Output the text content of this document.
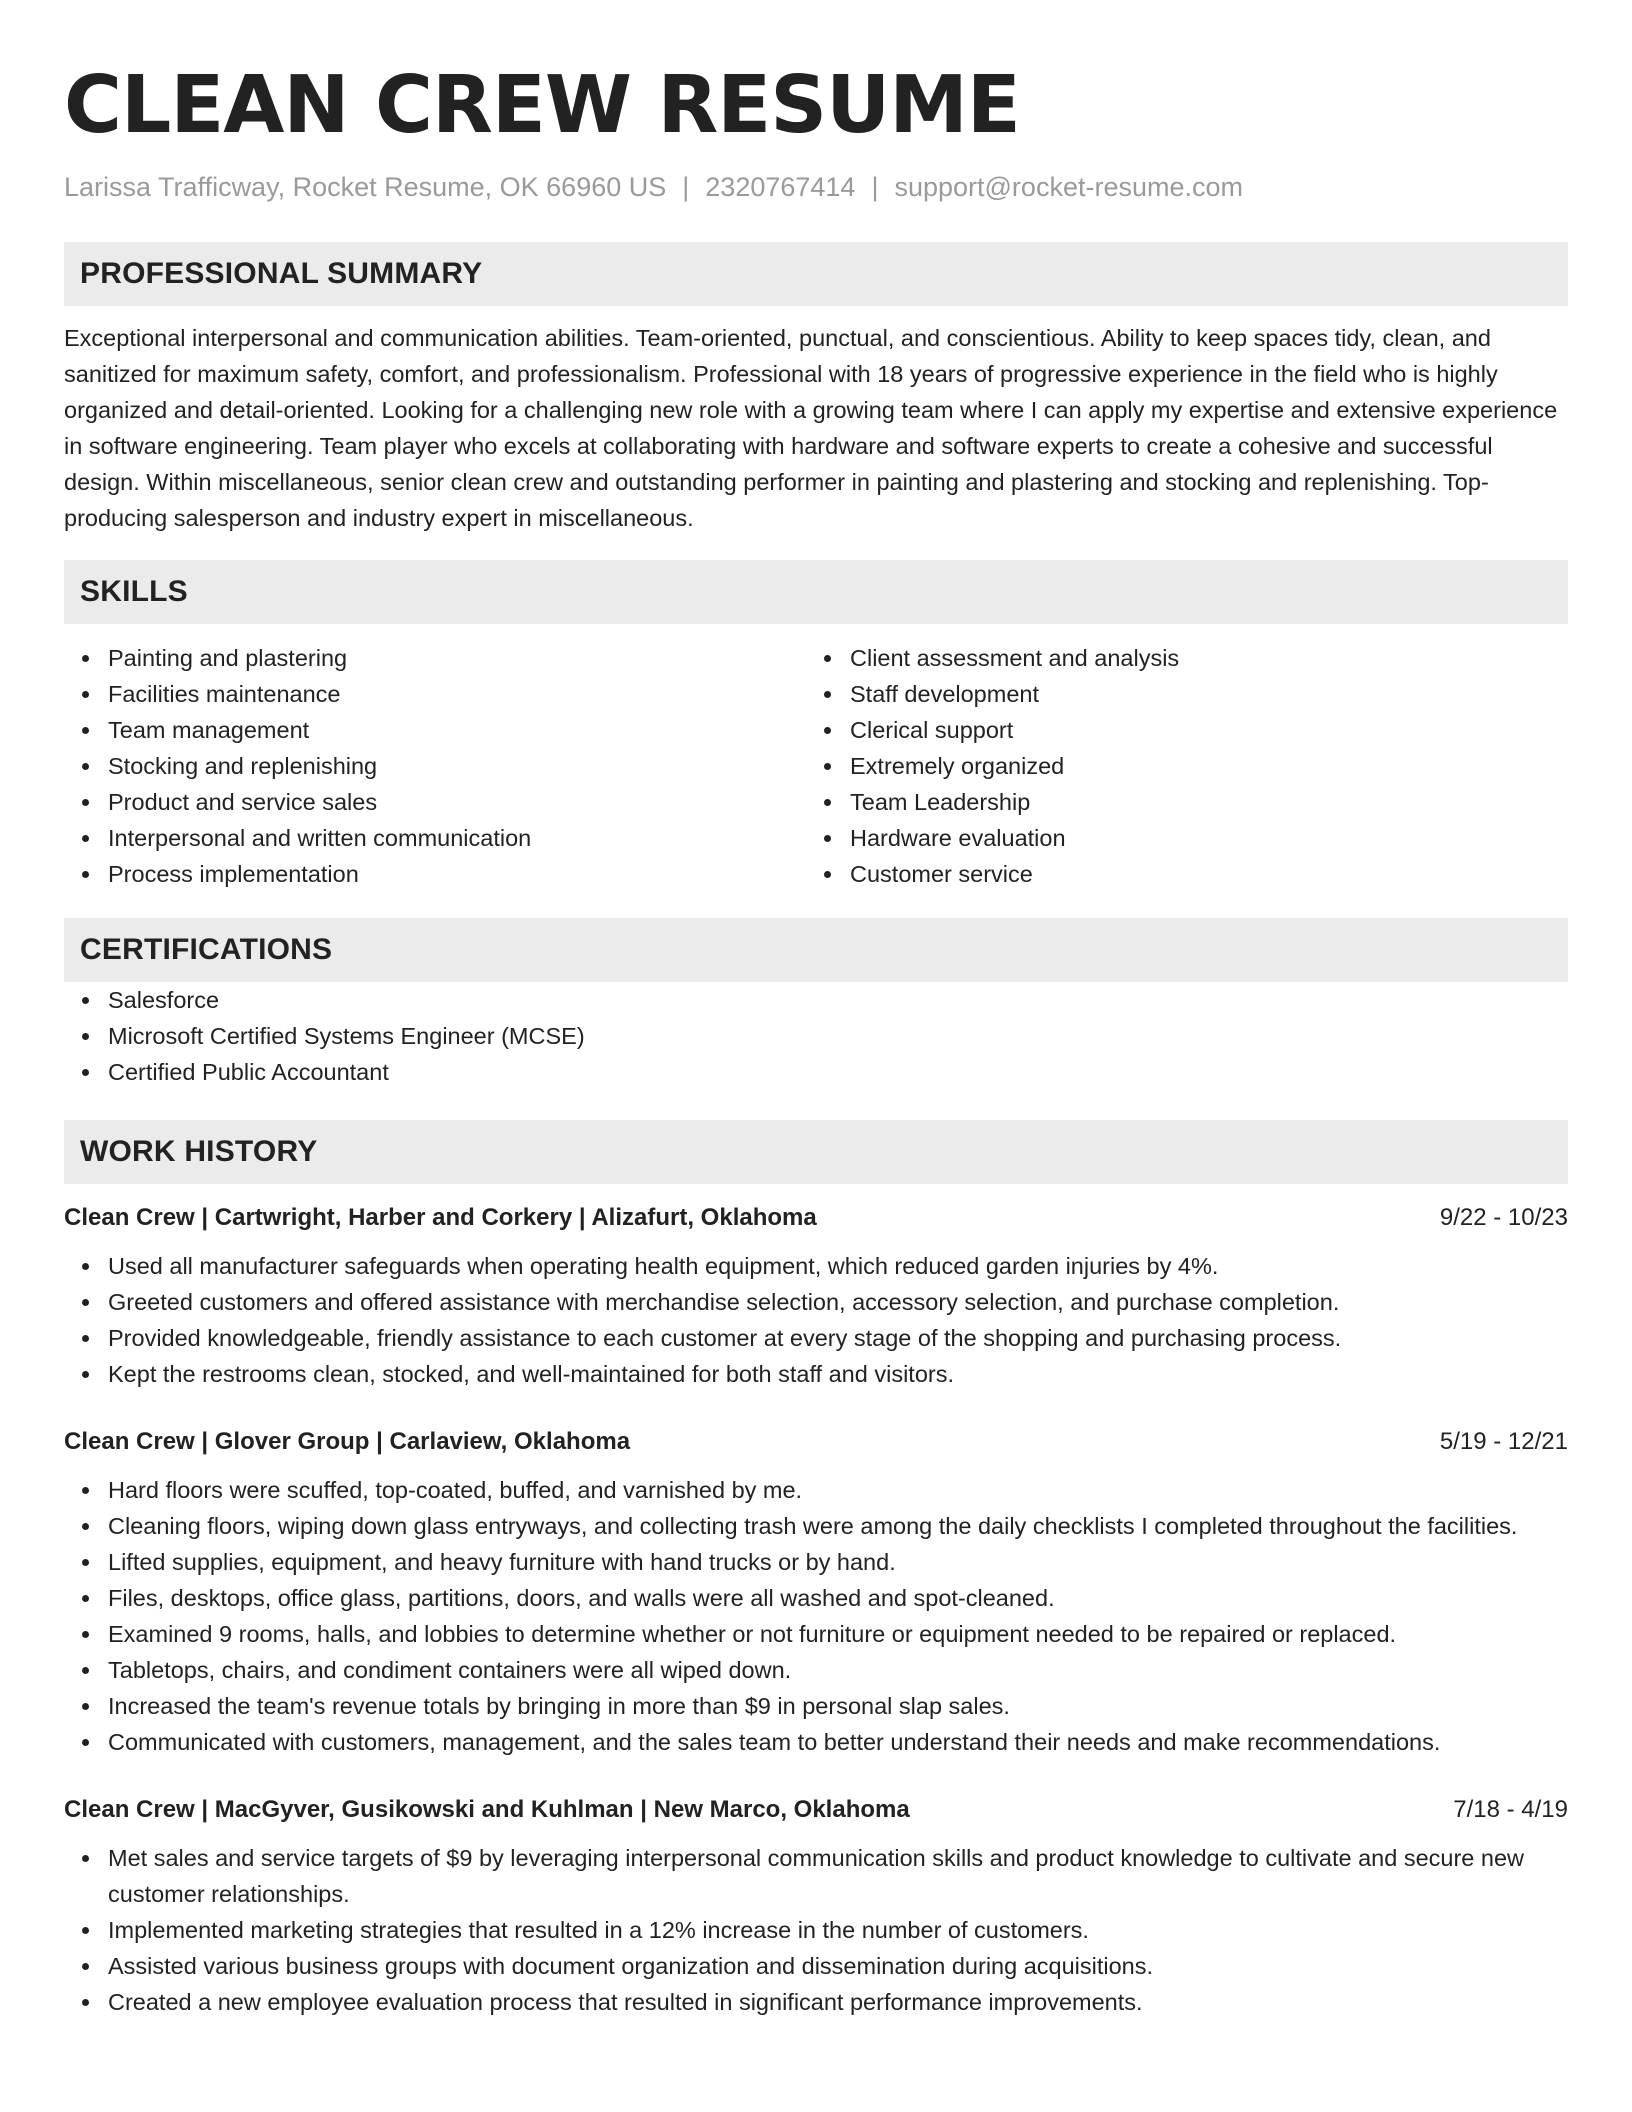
CLEAN CREW RESUME
Larissa Trafficway, Rocket Resume, OK 66960 US | 2320767414 | support@rocket-resume.com
PROFESSIONAL SUMMARY

Exceptional interpersonal and communication abilities. Team-oriented, punctual, and conscientious. Ability to keep spaces tidy, clean, and sanitized for maximum safety, comfort, and professionalism. Professional with 18 years of progressive experience in the field who is highly organized and detail-oriented. Looking for a challenging new role with a growing team where I can apply my expertise and extensive experience in software engineering. Team player who excels at collaborating with hardware and software experts to create a cohesive and successful design. Within miscellaneous, senior clean crew and outstanding performer in painting and plastering and stocking and replenishing. Top-producing salesperson and industry expert in miscellaneous.

SKILLS
Painting and plastering
Facilities maintenance
Team management
Stocking and replenishing
Product and service sales
Interpersonal and written communication
Process implementation
Client assessment and analysis
Staff development
Clerical support
Extremely organized
Team Leadership
Hardware evaluation
Customer service
CERTIFICATIONS
Salesforce
Microsoft Certified Systems Engineer (MCSE)
Certified Public Accountant
WORK HISTORY
Clean Crew | Cartwright, Harber and Corkery | Alizafurt, Oklahoma	9/22 - 10/23
Used all manufacturer safeguards when operating health equipment, which reduced garden injuries by 4%.
Greeted customers and offered assistance with merchandise selection, accessory selection, and purchase completion.
Provided knowledgeable, friendly assistance to each customer at every stage of the shopping and purchasing process.
Kept the restrooms clean, stocked, and well-maintained for both staff and visitors.
Clean Crew | Glover Group | Carlaview, Oklahoma	5/19 - 12/21
Hard floors were scuffed, top-coated, buffed, and varnished by me.
Cleaning floors, wiping down glass entryways, and collecting trash were among the daily checklists I completed throughout the facilities.
Lifted supplies, equipment, and heavy furniture with hand trucks or by hand.
Files, desktops, office glass, partitions, doors, and walls were all washed and spot-cleaned.
Examined 9 rooms, halls, and lobbies to determine whether or not furniture or equipment needed to be repaired or replaced.
Tabletops, chairs, and condiment containers were all wiped down.
Increased the team's revenue totals by bringing in more than $9 in personal slap sales.
Communicated with customers, management, and the sales team to better understand their needs and make recommendations.
Clean Crew | MacGyver, Gusikowski and Kuhlman | New Marco, Oklahoma	7/18 - 4/19
Met sales and service targets of $9 by leveraging interpersonal communication skills and product knowledge to cultivate and secure new customer relationships.
Implemented marketing strategies that resulted in a 12% increase in the number of customers.
Assisted various business groups with document organization and dissemination during acquisitions.
Created a new employee evaluation process that resulted in significant performance improvements.
